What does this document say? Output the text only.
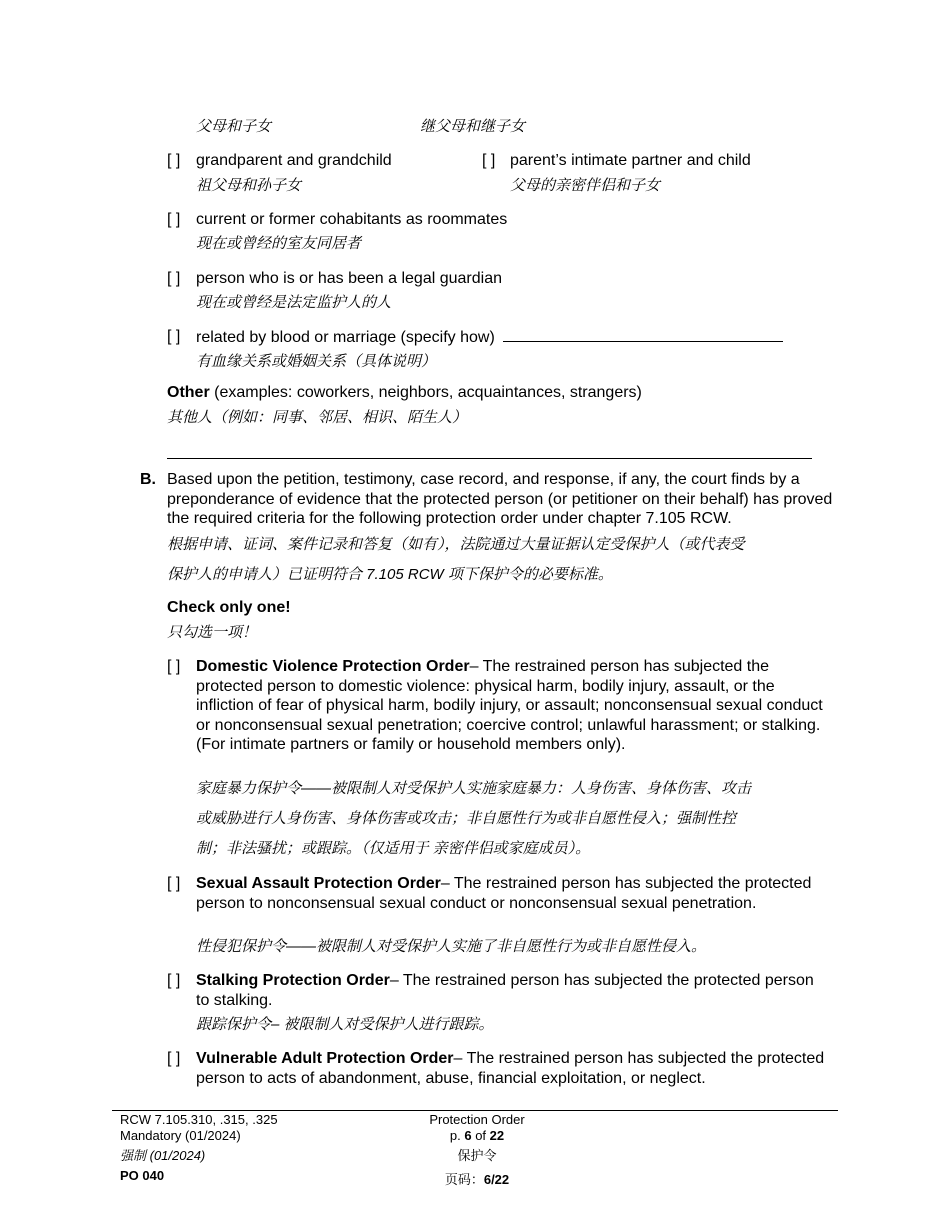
父母和子女	继父母和继子女
[ ] grandparent and grandchild
祖父母和孙子女
[ ] parent’s intimate partner and child
父母的亲密伴侣和子女
[ ] current or former cohabitants as roommates
现在或曾经的室友同居者
[ ] person who is or has been a legal guardian
现在或曾经是法定监护人的人
[ ] related by blood or marriage (specify how)
有血缘关系或婚姻关系（具体说明）
Other (examples: coworkers, neighbors, acquaintances, strangers)
其他人（例如：同事、邻居、相识、陌生人）
B. Based upon the petition, testimony, case record, and response, if any, the court finds by a preponderance of evidence that the protected person (or petitioner on their behalf) has proved the required criteria for the following protection order under chapter 7.105 RCW.
根据申请、证词、案件记录和答复（如有），法院通过大量证据认定受保护人（或代表受
保护人的申请人）已证明符合 7.105 RCW 项下保护令的必要标准。
Check only one!
只勾选一项！
[ ] Domestic Violence Protection Order– The restrained person has subjected the protected person to domestic violence: physical harm, bodily injury, assault, or the infliction of fear of physical harm, bodily injury, or assault; nonconsensual sexual conduct or nonconsensual sexual penetration; coercive control; unlawful harassment; or stalking. (For intimate partners or family or household members only).
家庭暴力保护令——被限制人对受保护人实施家庭暴力：人身伤害、身体伤害、攻击
或威胁进行人身伤害、身体伤害或攻击；非自愿性行为或非自愿性侵入；强制性控
制；非法骚扰；或跟踪。（仅适用于 亲密伴侣或家庭成员）。
[ ] Sexual Assault Protection Order– The restrained person has subjected the protected person to nonconsensual sexual conduct or nonconsensual sexual penetration.
性侵犯保护令——被限制人对受保护人实施了非自愿性行为或非自愿性侵入。
[ ] Stalking Protection Order– The restrained person has subjected the protected person to stalking.
跟踪保护令– 被限制人对受保护人进行跟踪。
[ ] Vulnerable Adult Protection Order– The restrained person has subjected the protected person to acts of abandonment, abuse, financial exploitation, or neglect.
RCW 7.105.310, .315, .325
Mandatory (01/2024)
强制 (01/2024)
PO 040
Protection Order
p. 6 of 22
保护令
页码：6/22
